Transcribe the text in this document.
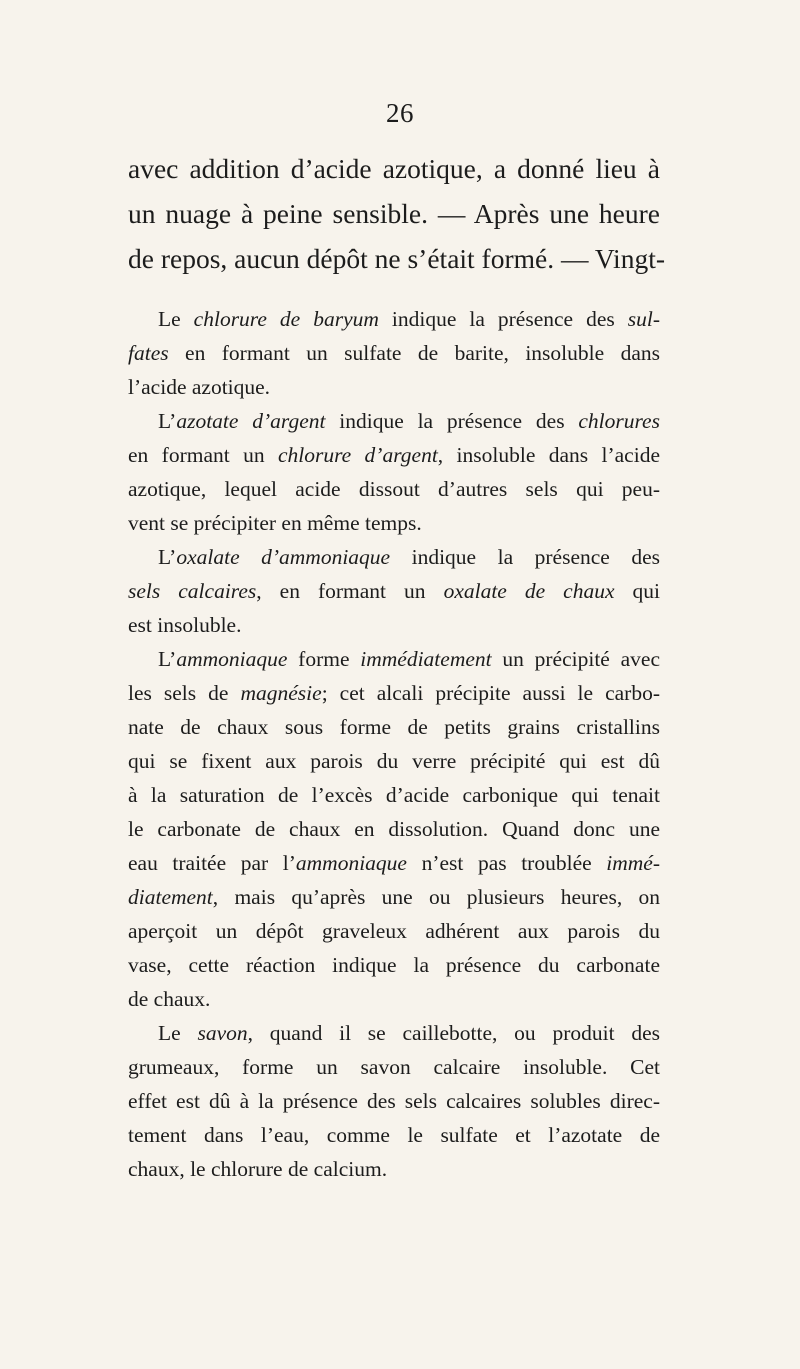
26
avec addition d’acide azotique, a donné lieu à
un nuage à peine sensible. — Après une heure
de repos, aucun dépôt ne s’était formé. — Vingt-
Le chlorure de baryum indique la présence des sul-
fates en formant un sulfate de barite, insoluble dans
l’acide azotique.
L’azotate d’argent indique la présence des chlorures
en formant un chlorure d’argent, insoluble dans l’acide
azotique, lequel acide dissout d’autres sels qui peu-
vent se précipiter en même temps.
L’oxalate d’ammoniaque indique la présence des
sels calcaires, en formant un oxalate de chaux qui
est insoluble.
L’ammoniaque forme immédiatement un précipité avec
les sels de magnésie; cet alcali précipite aussi le carbo-
nate de chaux sous forme de petits grains cristallins
qui se fixent aux parois du verre précipité qui est dû
à la saturation de l’excès d’acide carbonique qui tenait
le carbonate de chaux en dissolution. Quand donc une
eau traitée par l’ammoniaque n’est pas troublée immé-
diatement, mais qu’après une ou plusieurs heures, on
aperçoit un dépôt graveleux adhérent aux parois du
vase, cette réaction indique la présence du carbonate
de chaux.
Le savon, quand il se caillebotte, ou produit des
grumeaux, forme un savon calcaire insoluble. Cet
effet est dû à la présence des sels calcaires solubles direc-
tement dans l’eau, comme le sulfate et l’azotate de
chaux, le chlorure de calcium.
